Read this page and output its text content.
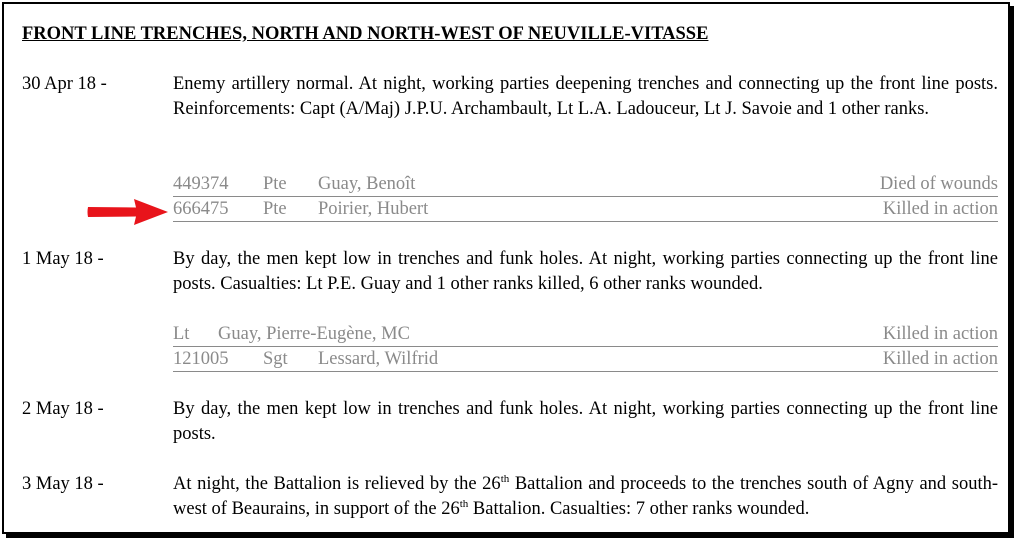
FRONT LINE TRENCHES, NORTH AND NORTH-WEST OF NEUVILLE-VITASSE
30 Apr 18 -	Enemy artillery normal. At night, working parties deepening trenches and connecting up the front line posts. Reinforcements: Capt (A/Maj) J.P.U. Archambault, Lt L.A. Ladouceur, Lt J. Savoie and 1 other ranks.
449374 Pte Guay, Benoît	Died of wounds
666475 Pte Poirier, Hubert	Killed in action
1 May 18 -	By day, the men kept low in trenches and funk holes. At night, working parties connecting up the front line posts. Casualties: Lt P.E. Guay and 1 other ranks killed, 6 other ranks wounded.
Lt Guay, Pierre-Eugène, MC	Killed in action
121005 Sgt Lessard, Wilfrid	Killed in action
2 May 18 -	By day, the men kept low in trenches and funk holes. At night, working parties connecting up the front line posts.
3 May 18 -	At night, the Battalion is relieved by the 26th Battalion and proceeds to the trenches south of Agny and south-west of Beaurains, in support of the 26th Battalion. Casualties: 7 other ranks wounded.
